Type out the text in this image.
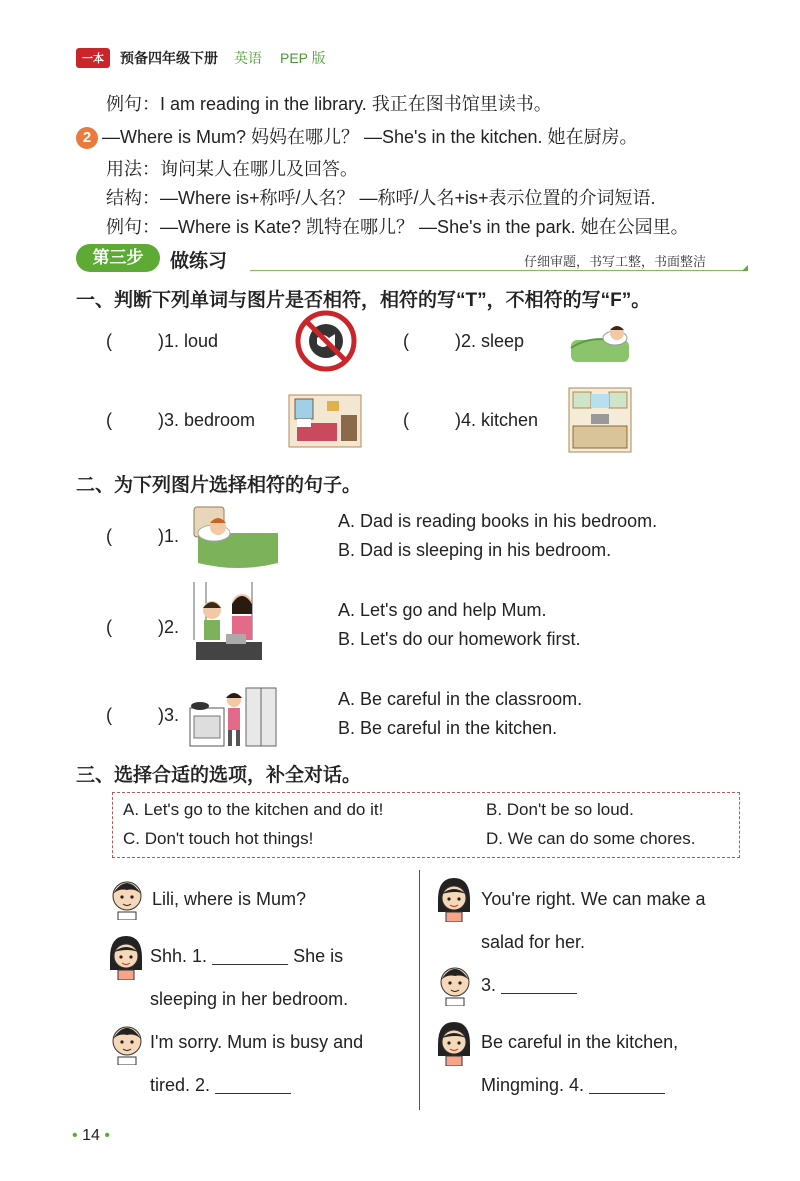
一本	预备四年级下册 英语 PEP 版
例句：I am reading in the library. 我正在图书馆里读书。
2 —Where is Mum? 妈妈在哪儿？ —She's in the kitchen. 她在厨房。
用法：询问某人在哪儿及回答。
结构：—Where is+称呼/人名？ —称呼/人名+is+表示位置的介词短语.
例句：—Where is Kate? 凯特在哪儿？ —She's in the park. 她在公园里。
第三步	做练习	仔细审题，书写工整，书面整洁
一、判断下列单词与图片是否相符，相符的写“T”，不相符的写“F”。
(	)1. loud	(	)2. sleep
(	)3. bedroom	(	)4. kitchen
二、为下列图片选择相符的句子。
(	)1.
A. Dad is reading books in his bedroom.
B. Dad is sleeping in his bedroom.
(	)2.
A. Let's go and help Mum.
B. Let's do our homework first.
(	)3.
A. Be careful in the classroom.
B. Be careful in the kitchen.
三、选择合适的选项，补全对话。
A. Let's go to the kitchen and do it!	B. Don't be so loud.
C. Don't touch hot things!	D. We can do some chores.
Lili, where is Mum?
Shh. 1.	She is
sleeping in her bedroom.
I'm sorry. Mum is busy and
tired. 2.
You're right. We can make a
salad for her.
3.
Be careful in the kitchen,
Mingming. 4.
• 14 •
